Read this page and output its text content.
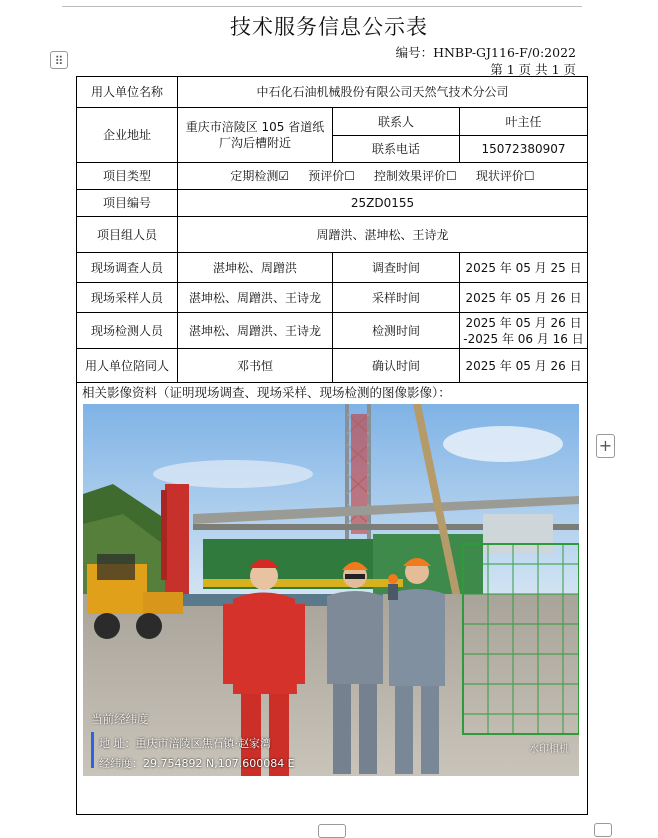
技术服务信息公示表
编号：HNBP-GJ116-F/0:2022
第 1 页 共 1 页
⠿
+
用人单位名称	中石化石油机械股份有限公司天然气技术分公司		
企业地址	重庆市涪陵区 105 省道纸厂沟后槽附近	联系人	叶主任
		联系电话	15072380907
项目类型	定期检测☑ 预评价☐ 控制效果评价☐ 现状评价☐		
项目编号	25ZD0155		
项目组人员	周蹭洪、湛坤松、王诗龙		
现场调查人员	湛坤松、周蹭洪	调查时间	2025 年 05 月 25 日
现场采样人员	湛坤松、周蹭洪、王诗龙	采样时间	2025 年 05 月 26 日
现场检测人员	湛坤松、周蹭洪、王诗龙	检测时间	2025 年 05 月 26 日
-2025 年 06 月 16 日

用人单位陪同人	邓书恒	确认时间	2025 年 05 月 26 日

相关影像资料（证明现场调查、现场采样、现场检测的图像影像）：
当前经纬度
地 址：重庆市涪陵区焦石镇·赵家湾
经纬度：29.754892 N,107.600084 E
水印相机			
